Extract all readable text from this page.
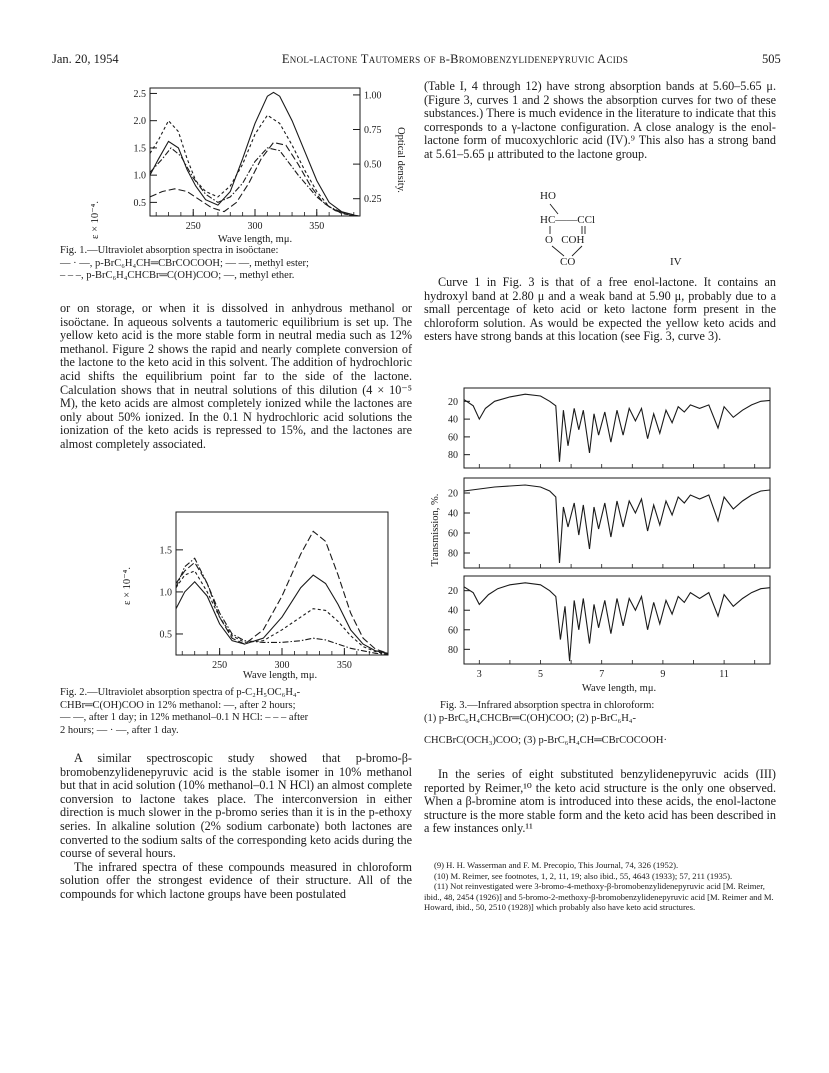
Jan. 20, 1954	Enol-lactone Tautomers of β-Bromobenzylidenepyruvic Acids	505
250	300	350
0.5
1.0
1.5
2.0
2.5
0.25
0.50
0.75
1.00
Wave length, mμ.
ε × 10⁻⁴.
Optical density.
Fig. 1.—Ultraviolet absorption spectra in isoöctane:
— · —, p-BrC₆H₄CH═CBrCOCOOH; — —, methyl ester;
– – –, p-BrC₆H₄CHCBr═C(OH)COO; —, methyl ether.

or on storage, or when it is dissolved in anhydrous methanol or isoöctane. In aqueous solvents a tautomeric equilibrium is set up. The yellow keto acid is the more stable form in neutral media such as 12% methanol. Figure 2 shows the rapid and nearly complete conversion of the lactone to the keto acid in this solvent. The addition of hydrochloric acid shifts the equilibrium point far to the side of the lactone. Calculation shows that in neutral solutions of this dilution (4 × 10⁻⁵ M), the keto acids are almost completely ionized while the lactones are only about 50% ionized. In the 0.1 N hydrochloric acid solutions the ionization of the keto acids is repressed to 15%, and the lactones are almost completely associated.

250	300	350
0.5
1.0
1.5
Wave length, mμ.
ε × 10⁻⁴.
Fig. 2.—Ultraviolet absorption spectra of p-C₂H₅OC₆H₄-
CHBr═C(OH)COO in 12% methanol: —, after 2 hours;
— —, after 1 day; in 12% methanol–0.1 N HCl: – – – after
2 hours; — · —, after 1 day.

A similar spectroscopic study showed that p-bromo-β-bromobenzylidenepyruvic acid is the stable isomer in 10% methanol but that in acid solution (10% methanol–0.1 N HCl) an almost complete conversion to lactone takes place. The interconversion in either direction is much slower in the p-bromo series than it is in the p-ethoxy series. In alkaline solution (2% sodium carbonate) both lactones are converted to the sodium salts of the corresponding keto acids during the course of several hours.

The infrared spectra of these compounds measured in chloroform solution offer the strongest evidence of their structure. All of the compounds for which lactone groups have been postulated

(Table I, 4 through 12) have strong absorption bands at 5.60–5.65 μ. (Figure 3, curves 1 and 2 shows the absorption curves for two of these substances.) There is much evidence in the literature to indicate that this corresponds to a γ-lactone configuration. A close analogy is the enol-lactone form of mucoxychloric acid (IV).⁹ This also has a strong band at 5.61–5.65 μ attributed to the lactone group.

HO
HC——CCl
O   COH
CO	IV

Curve 1 in Fig. 3 is that of a free enol-lactone. It contains an hydroxyl band at 2.80 μ and a weak band at 5.90 μ, probably due to a small percentage of keto acid or keto lactone form present in the chloroform solution. As would be expected the yellow keto acids and esters have strong bands at this location (see Fig. 3, curve 3).

20
40
60
80
20
40
60
80
20
40
60
80
3	5	7	9	11
Wave length, mμ.
Transmission, %.
Fig. 3.—Infrared absorption spectra in chloroform:
(1) p-BrC₆H₄CHCBr═C(OH)COO; (2) p-BrC₆H₄-
CHCBrC(OCH₃)COO; (3) p-BrC₆H₄CH═CBrCOCOOH·

In the series of eight substituted benzylidenepyruvic acids (III) reported by Reimer,¹⁰ the keto acid structure is the only one observed. When a β-bromine atom is introduced into these acids, the enol-lactone structure is the more stable form and the keto acid has been described in a few instances only.¹¹

(9) H. H. Wasserman and F. M. Precopio, This Journal, 74, 326 (1952).

(10) M. Reimer, see footnotes, 1, 2, 11, 19; also ibid., 55, 4643 (1933); 57, 211 (1935).

(11) Not reinvestigated were 3-bromo-4-methoxy-β-bromobenzylidenepyruvic acid [M. Reimer, ibid., 48, 2454 (1926)] and 5-bromo-2-methoxy-β-bromobenzylidenepyruvic acid [M. Reimer and M. Howard, ibid., 50, 2510 (1928)] which probably also have keto acid structures.
